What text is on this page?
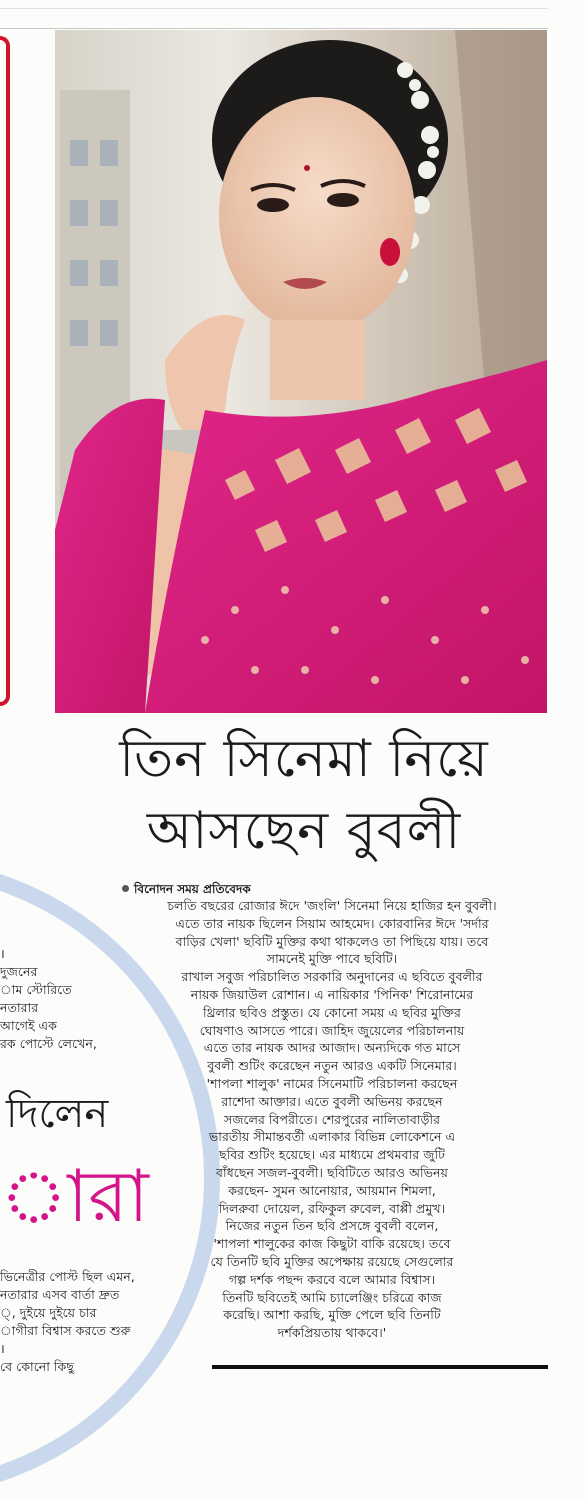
তিন সিনেমা নিয়ে
আসছেন বুবলী
।
দুজনের
াম স্টোরিতে
নতারার
আগেই এক
রক পোস্টে লেখেন,
দিলেন
ারা
ভিনেত্রীর পোস্ট ছিল এমন,
নতারার এসব বার্তা দ্রুত
্, দুইয়ে দুইয়ে চার
াগীরা বিশ্বাস করতে শুরু
।
বে কোনো কিছু
বিনোদন সময় প্রতিবেদক

চলতি বছরের রোজার ঈদে 'জংলি' সিনেমা নিয়ে হাজির হন বুবলী।

এতে তার নায়ক ছিলেন সিয়াম আহমেদ। কোরবানির ঈদে 'সর্দার

বাড়ির খেলা' ছবিটি মুক্তির কথা থাকলেও তা পিছিয়ে যায়। তবে

সামনেই মুক্তি পাবে ছবিটি।

রাখাল সবুজ পরিচালিত সরকারি অনুদানের এ ছবিতে বুবলীর

নায়ক জিয়াউল রোশান। এ নায়িকার 'পিনিক' শিরোনামের

থ্রিলার ছবিও প্রস্তুত। যে কোনো সময় এ ছবির মুক্তির

ঘোষণাও আসতে পারে। জাহিদ জুয়েলের পরিচালনায়

এতে তার নায়ক আদর আজাদ। অন্যদিকে গত মাসে

বুবলী শুটিং করেছেন নতুন আরও একটি সিনেমার।

'শাপলা শালুক' নামের সিনেমাটি পরিচালনা করছেন

রাশেদা আক্তার। এতে বুবলী অভিনয় করছেন

সজলের বিপরীতে। শেরপুরের নালিতাবাড়ীর

ভারতীয় সীমান্তবর্তী এলাকার বিভিন্ন লোকেশনে এ

ছবির শুটিং হয়েছে। এর মাধ্যমে প্রথমবার জুটি

বাঁধছেন সজল-বুবলী। ছবিটিতে আরও অভিনয়

করছেন- সুমন আনোয়ার, আয়মান শিমলা,

দিলরুবা দোয়েল, রফিকুল রুবেল, বাপ্পী প্রমুখ।

নিজের নতুন তিন ছবি প্রসঙ্গে বুবলী বলেন,

'শাপলা শালুকের কাজ কিছুটা বাকি রয়েছে। তবে

যে তিনটি ছবি মুক্তির অপেক্ষায় রয়েছে সেগুলোর

গল্প দর্শক পছন্দ করবে বলে আমার বিশ্বাস।

তিনটি ছবিতেই আমি চ্যালেঞ্জিং চরিত্রে কাজ

করেছি। আশা করছি, মুক্তি পেলে ছবি তিনটি

দর্শকপ্রিয়তায় থাকবে।'
